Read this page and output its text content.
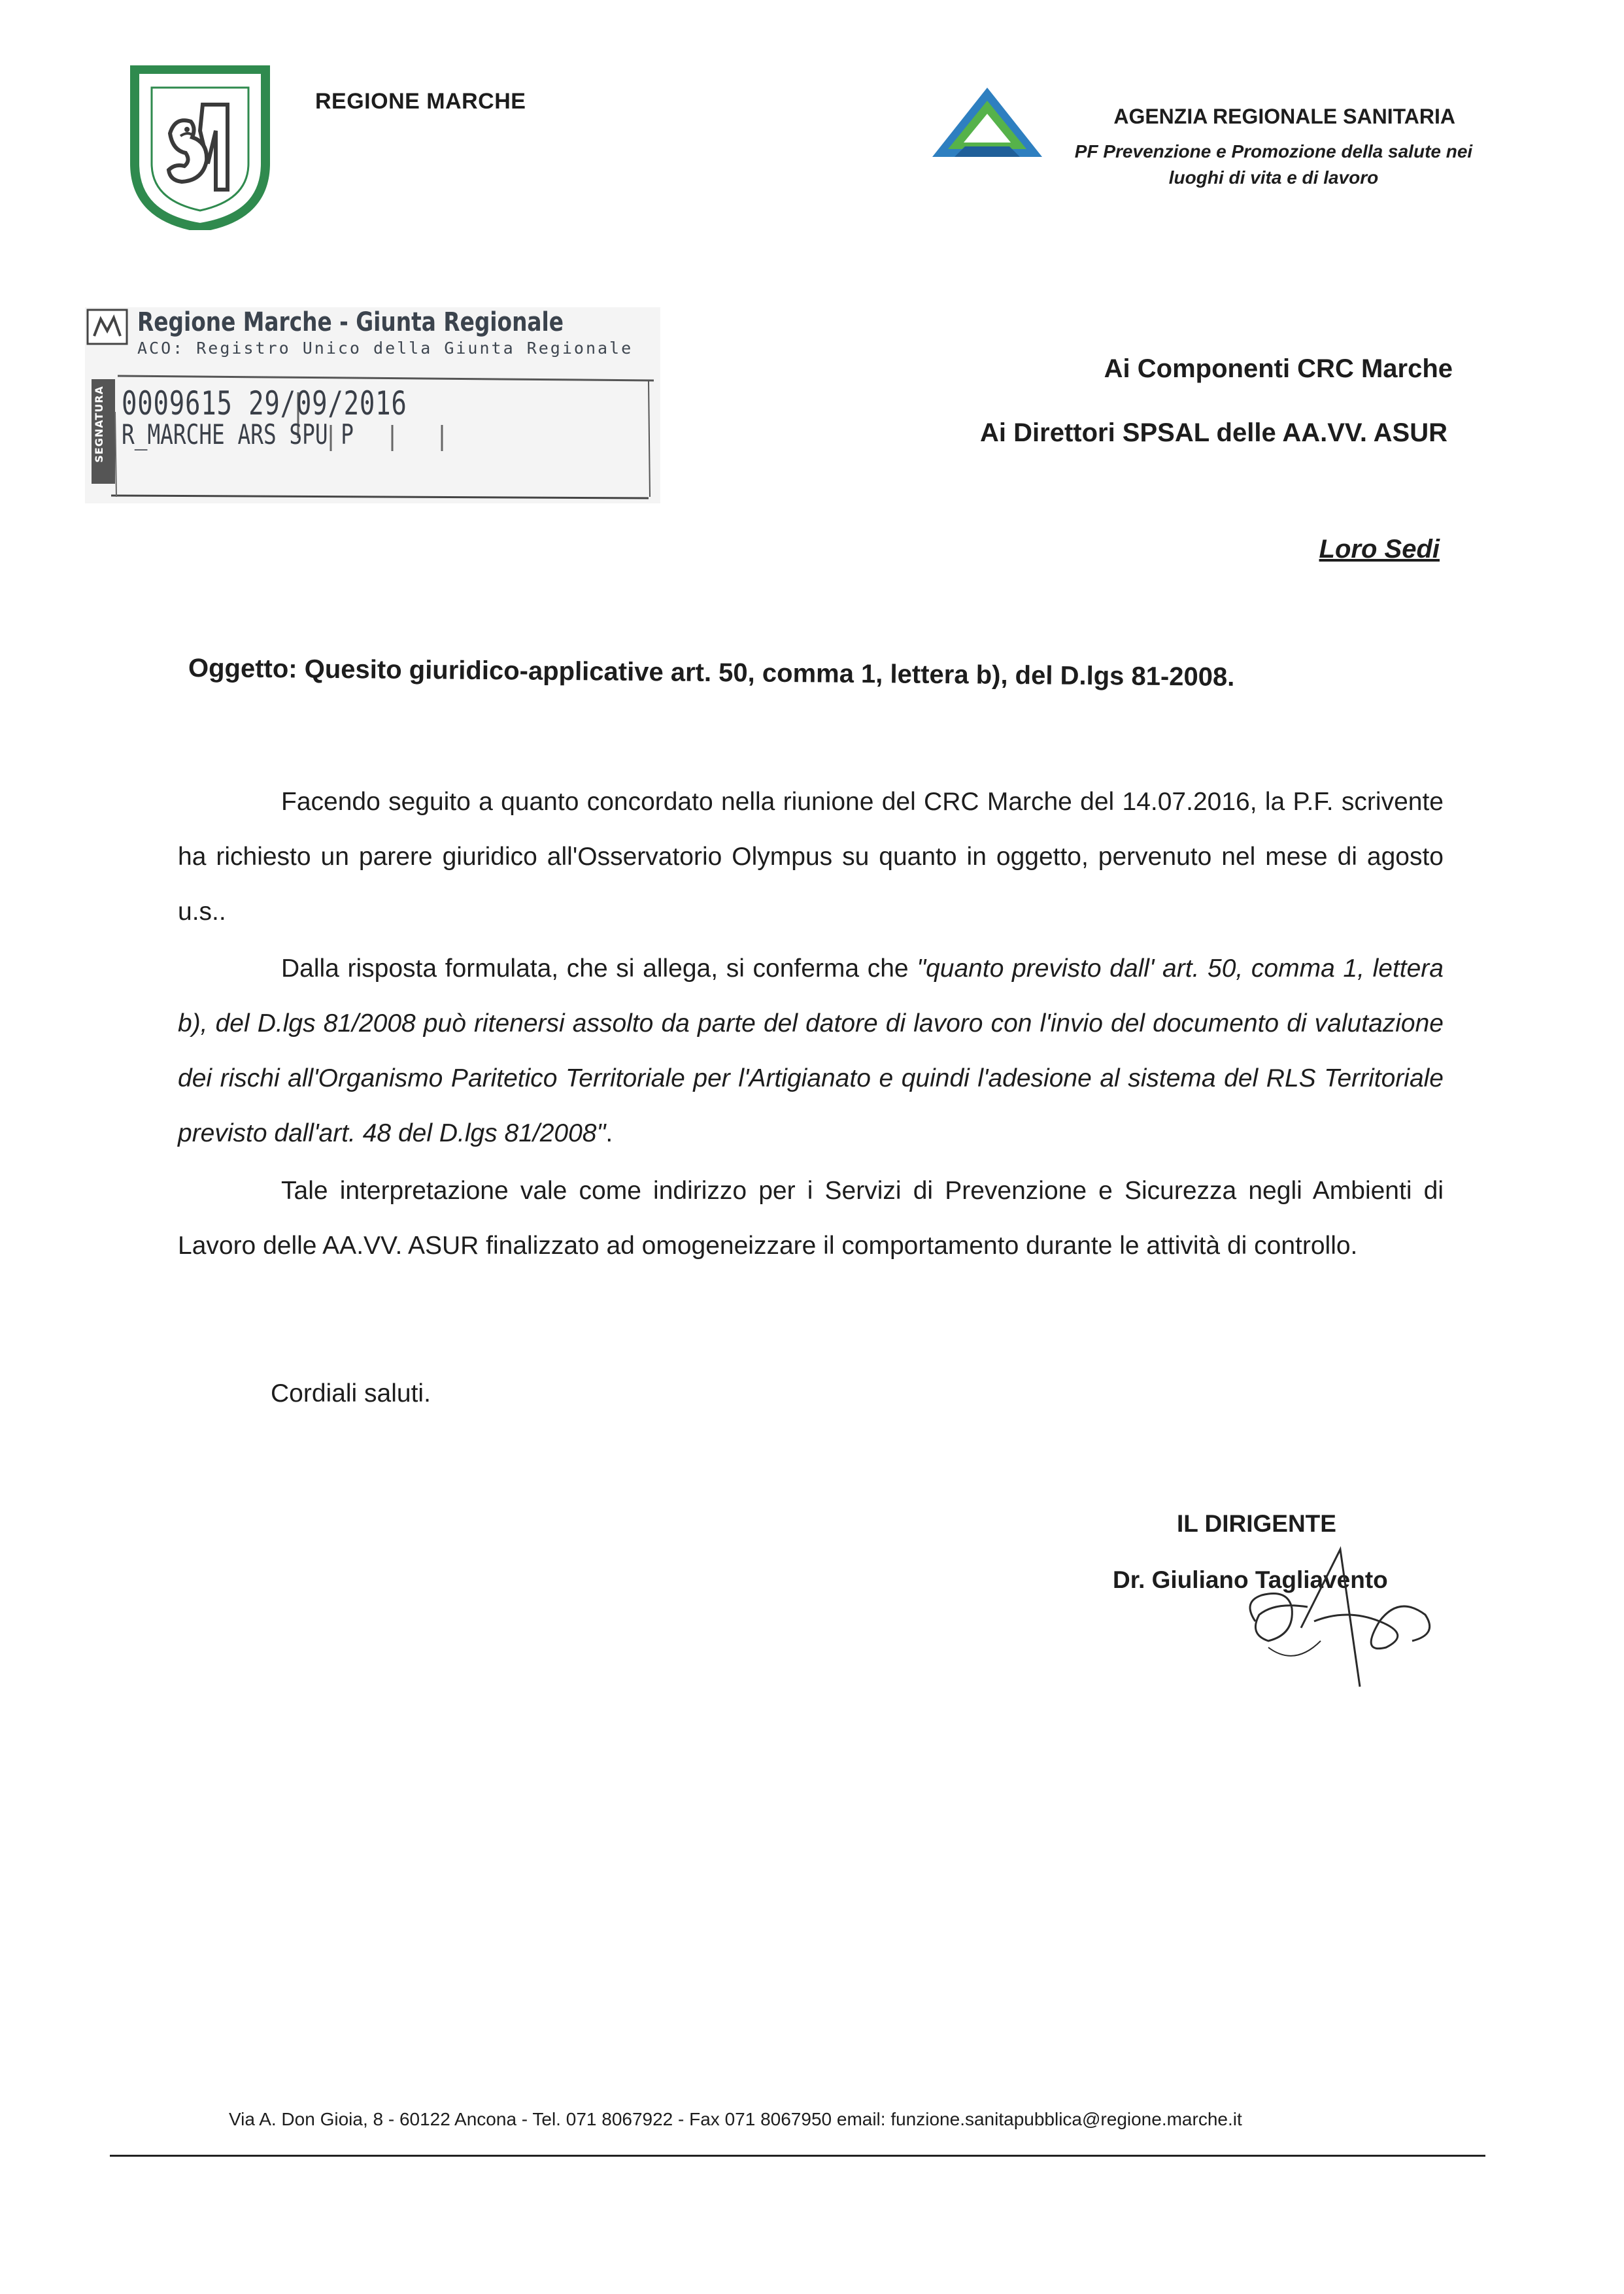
REGIONE MARCHE
AGENZIA REGIONALE SANITARIA
PF Prevenzione e Promozione della salute nei luoghi di vita e di lavoro
Regione Marche - Giunta Regionale
ACO: Registro Unico della Giunta Regionale
0009615 29/09/2016
R_MARCHE ARS SPU P
SEGNATURA
Ai Componenti CRC Marche
Ai Direttori SPSAL delle AA.VV. ASUR
Loro Sedi
Oggetto: Quesito giuridico-applicative art. 50, comma 1, lettera b), del D.lgs 81-2008.
Facendo seguito a quanto concordato nella riunione del CRC Marche del 14.07.2016, la P.F. scrivente ha richiesto un parere giuridico all'Osservatorio Olympus su quanto in oggetto, pervenuto nel mese di agosto u.s..
Dalla risposta formulata, che si allega, si conferma che "quanto previsto dall' art. 50, comma 1, lettera b), del D.lgs 81/2008 può ritenersi assolto da parte del datore di lavoro con l'invio del documento di valutazione dei rischi all'Organismo Paritetico Territoriale per l'Artigianato e quindi l'adesione al sistema del RLS Territoriale previsto dall'art. 48 del D.lgs 81/2008".
Tale interpretazione vale come indirizzo per i Servizi di Prevenzione e Sicurezza negli Ambienti di Lavoro delle AA.VV. ASUR finalizzato ad omogeneizzare il comportamento durante le attività di controllo.
Cordiali saluti.
IL DIRIGENTE
Dr. Giuliano Tagliavento
Via A. Don Gioia, 8 - 60122 Ancona - Tel. 071 8067922 - Fax 071 8067950 email: funzione.sanitapubblica@regione.marche.it
